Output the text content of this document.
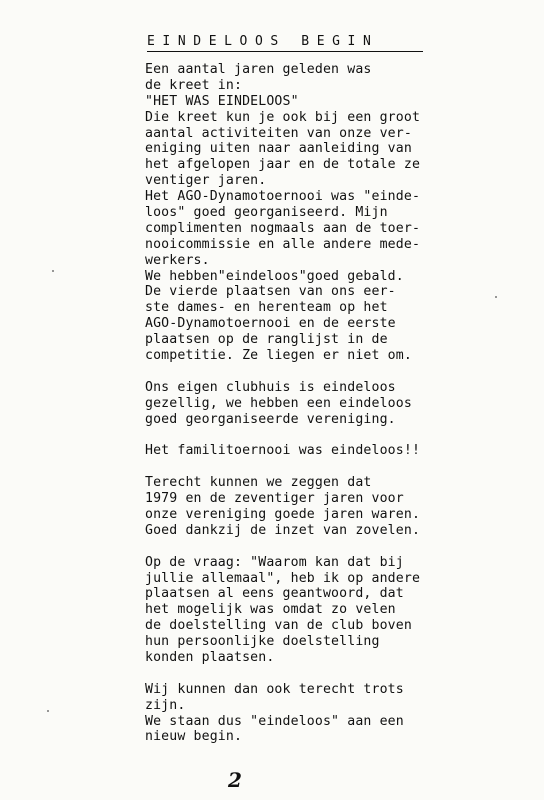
EINDELOOS BEGIN
Een aantal jaren geleden was
de kreet in:
"HET WAS EINDELOOS"
Die kreet kun je ook bij een groot
aantal activiteiten van onze ver-
eniging uiten naar aanleiding van
het afgelopen jaar en de totale ze
ventiger jaren.
Het AGO-Dynamotoernooi was "einde-
loos" goed georganiseerd. Mijn
complimenten nogmaals aan de toer-
nooicommissie en alle andere mede-
werkers.
We hebben"eindeloos"goed gebald.
De vierde plaatsen van ons eer-
ste dames- en herenteam op het
AGO-Dynamotoernooi en de eerste
plaatsen op de ranglijst in de
competitie. Ze liegen er niet om.
Ons eigen clubhuis is eindeloos
gezellig, we hebben een eindeloos
goed georganiseerde vereniging.
Het familitoernooi was eindeloos!!
Terecht kunnen we zeggen dat
1979 en de zeventiger jaren voor
onze vereniging goede jaren waren.
Goed dankzij de inzet van zovelen.
Op de vraag: "Waarom kan dat bij
jullie allemaal", heb ik op andere
plaatsen al eens geantwoord, dat
het mogelijk was omdat zo velen
de doelstelling van de club boven
hun persoonlijke doelstelling
konden plaatsen.
Wij kunnen dan ook terecht trots
zijn.
We staan dus "eindeloos" aan een
nieuw begin.
2
